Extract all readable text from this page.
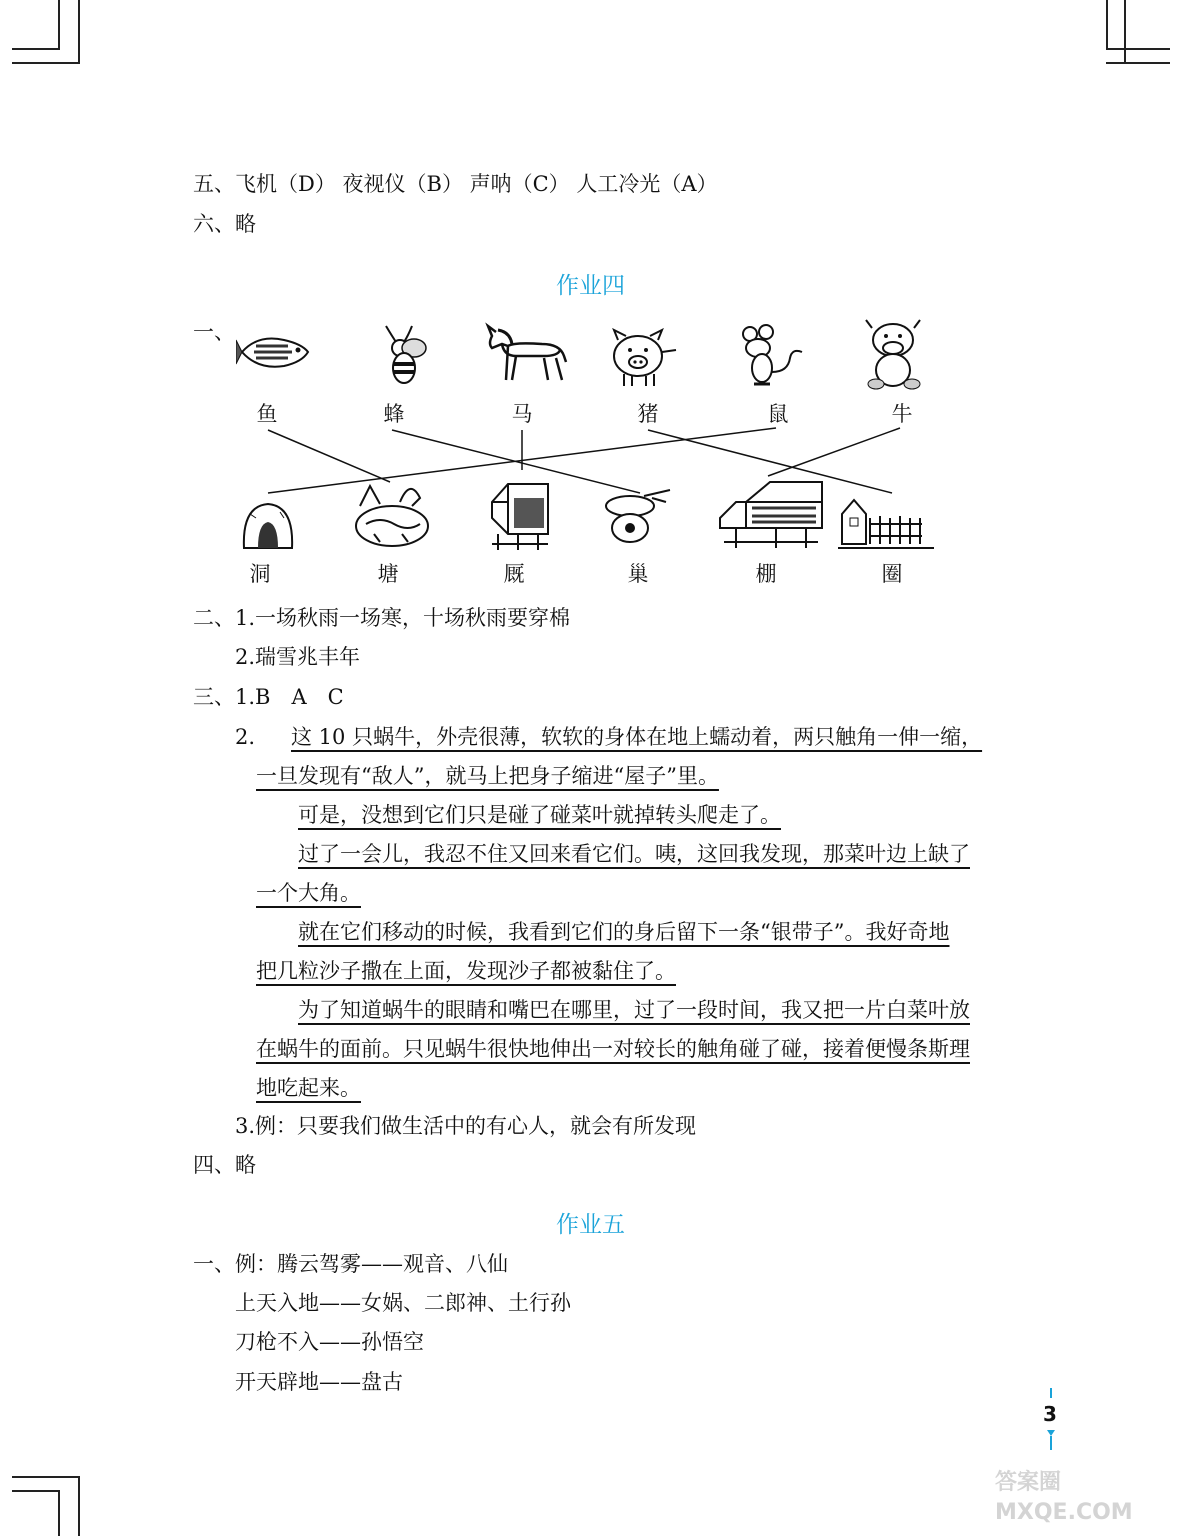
五、飞机（D） 夜视仪（B） 声呐（C） 人工冷光（A）
六、略
作业四
一、
鱼	蜂	马	猪	鼠	牛
洞	塘	厩	巢	棚	圈
二、1.一场秋雨一场寒，十场秋雨要穿棉
2.瑞雪兆丰年
三、1.B　A　C
2. 这 10 只蜗牛，外壳很薄，软软的身体在地上蠕动着，两只触角一伸一缩，
一旦发现有“敌人”，就马上把身子缩进“屋子”里。
可是，没想到它们只是碰了碰菜叶就掉转头爬走了。
过了一会儿，我忍不住又回来看它们。咦，这回我发现，那菜叶边上缺了
一个大角。
就在它们移动的时候，我看到它们的身后留下一条“银带子”。我好奇地
把几粒沙子撒在上面，发现沙子都被黏住了。
为了知道蜗牛的眼睛和嘴巴在哪里，过了一段时间，我又把一片白菜叶放
在蜗牛的面前。只见蜗牛很快地伸出一对较长的触角碰了碰，接着便慢条斯理
地吃起来。
3.例：只要我们做生活中的有心人，就会有所发现
四、略
作业五
一、例：腾云驾雾——观音、八仙
上天入地——女娲、二郎神、土行孙
刀枪不入——孙悟空
开天辟地——盘古
3
答案圈 MXQE.COM
